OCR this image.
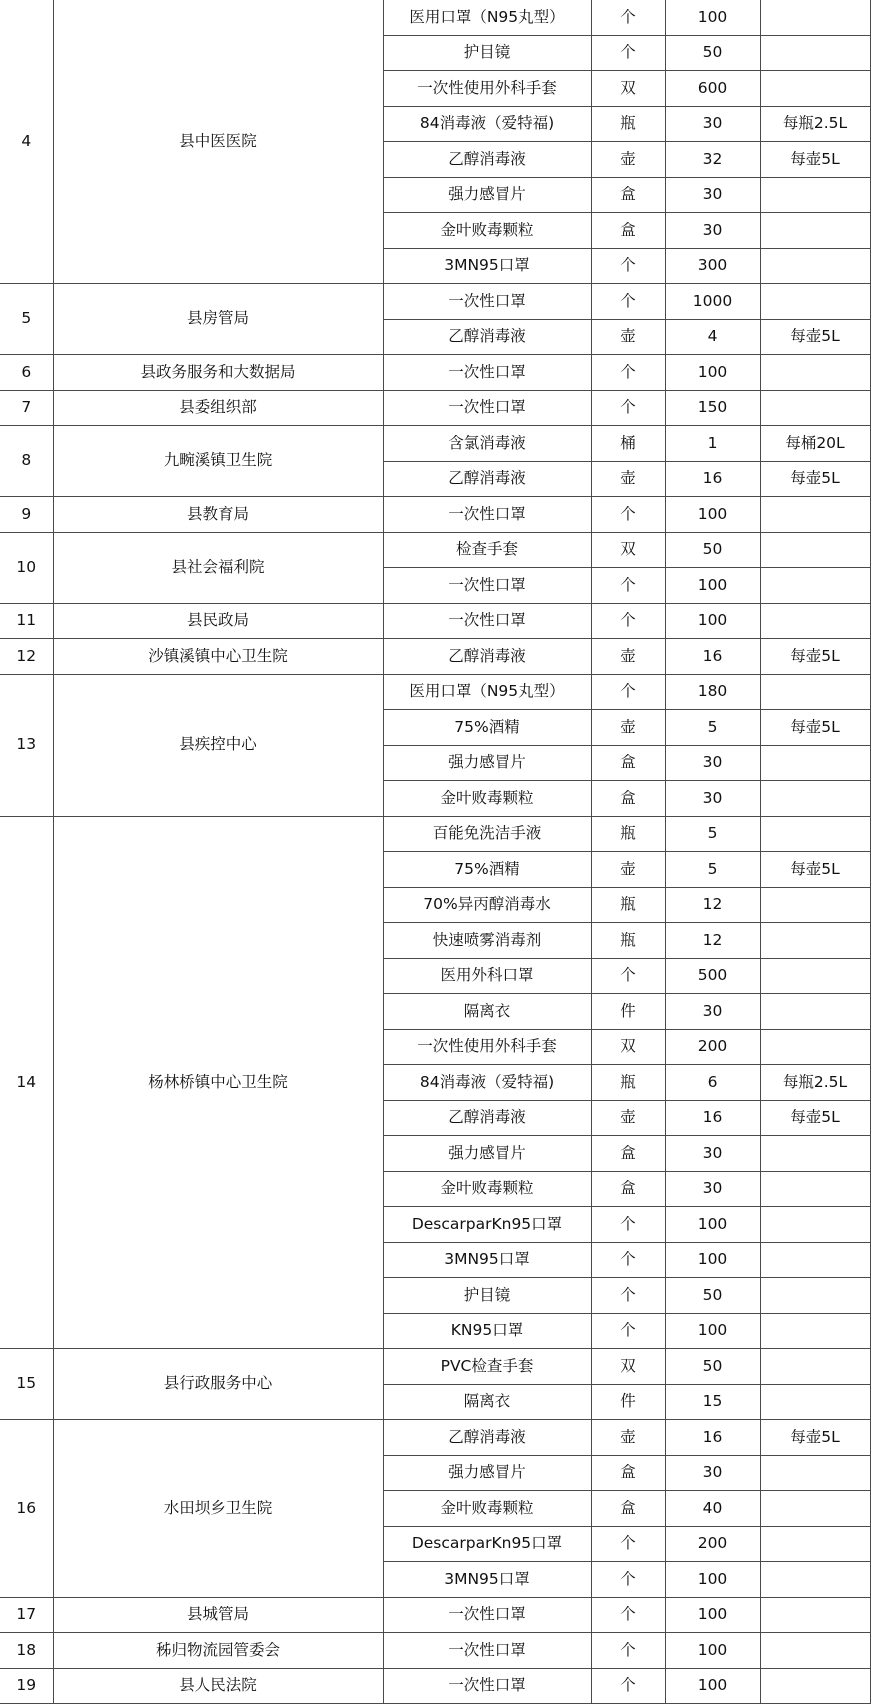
4	县中医医院	医用口罩（N95丸型）	个	100	
		护目镜	个	50	
		一次性使用外科手套	双	600	
		84消毒液（爱特福)	瓶	30	每瓶2.5L
		乙醇消毒液	壶	32	每壶5L
		强力感冒片	盒	30	
		金叶败毒颗粒	盒	30	
		3MN95口罩	个	300	
5	县房管局	一次性口罩	个	1000	
		乙醇消毒液	壶	4	每壶5L
6	县政务服务和大数据局	一次性口罩	个	100	
7	县委组织部	一次性口罩	个	150	
8	九畹溪镇卫生院	含氯消毒液	桶	1	每桶20L
		乙醇消毒液	壶	16	每壶5L
9	县教育局	一次性口罩	个	100	
10	县社会福利院	检查手套	双	50	
		一次性口罩	个	100	
11	县民政局	一次性口罩	个	100	
12	沙镇溪镇中心卫生院	乙醇消毒液	壶	16	每壶5L
13	县疾控中心	医用口罩（N95丸型）	个	180	
		75%酒精	壶	5	每壶5L
		强力感冒片	盒	30	
		金叶败毒颗粒	盒	30	
14	杨林桥镇中心卫生院	百能免洗洁手液	瓶	5	
		75%酒精	壶	5	每壶5L
		70%异丙醇消毒水	瓶	12	
		快速喷雾消毒剂	瓶	12	
		医用外科口罩	个	500	
		隔离衣	件	30	
		一次性使用外科手套	双	200	
		84消毒液（爱特福)	瓶	6	每瓶2.5L
		乙醇消毒液	壶	16	每壶5L
		强力感冒片	盒	30	
		金叶败毒颗粒	盒	30	
		DescarparKn95口罩	个	100	
		3MN95口罩	个	100	
		护目镜	个	50	
		KN95口罩	个	100	
15	县行政服务中心	PVC检查手套	双	50	
		隔离衣	件	15	
16	水田坝乡卫生院	乙醇消毒液	壶	16	每壶5L
		强力感冒片	盒	30	
		金叶败毒颗粒	盒	40	
		DescarparKn95口罩	个	200	
		3MN95口罩	个	100	
17	县城管局	一次性口罩	个	100	
18	秭归物流园管委会	一次性口罩	个	100	
19	县人民法院	一次性口罩	个	100	
